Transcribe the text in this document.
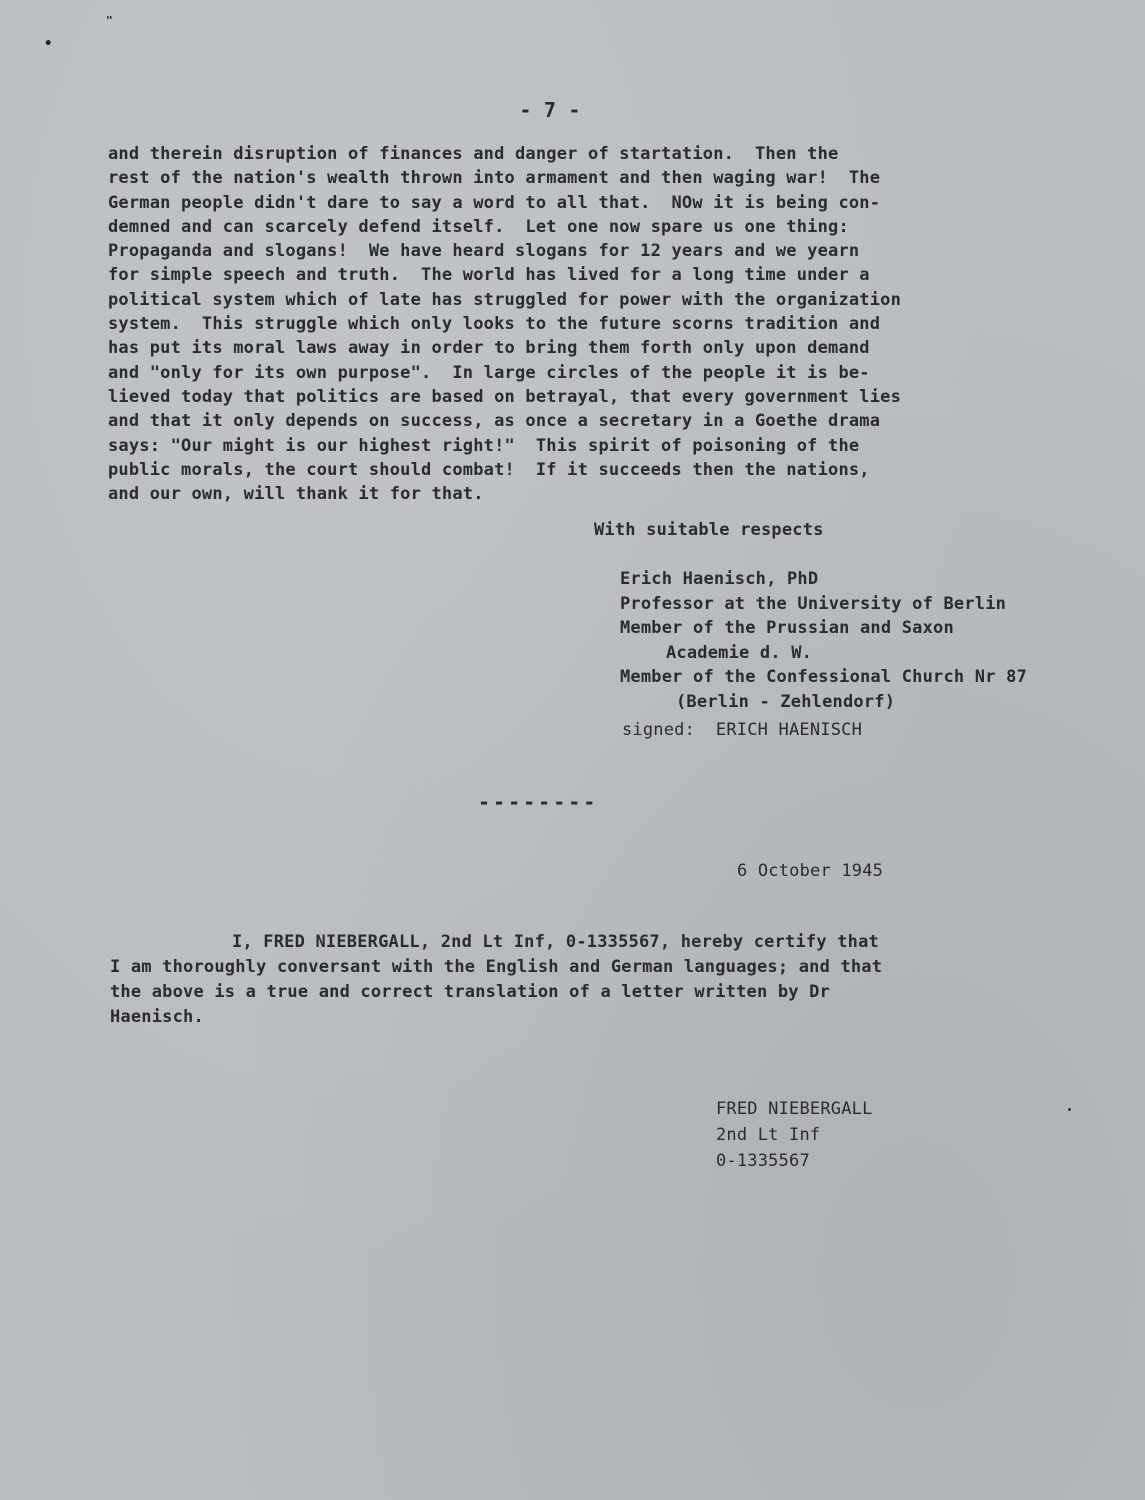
•
"
- 7 -
and therein disruption of finances and danger of startation.  Then the
rest of the nation's wealth thrown into armament and then waging war!  The
German people didn't dare to say a word to all that.  NOw it is being con-
demned and can scarcely defend itself.  Let one now spare us one thing:
Propaganda and slogans!  We have heard slogans for 12 years and we yearn
for simple speech and truth.  The world has lived for a long time under a
political system which of late has struggled for power with the organization
system.  This struggle which only looks to the future scorns tradition and
has put its moral laws away in order to bring them forth only upon demand
and "only for its own purpose".  In large circles of the people it is be-
lieved today that politics are based on betrayal, that every government lies
and that it only depends on success, as once a secretary in a Goethe drama
says: "Our might is our highest right!"  This spirit of poisoning of the
public morals, the court should combat!  If it succeeds then the nations,
and our own, will thank it for that.
With suitable respects
Erich Haenisch, PhD
Professor at the University of Berlin
Member of the Prussian and Saxon
Academie d. W.
Member of the Confessional Church Nr 87
(Berlin - Zehlendorf)
signed:  ERICH HAENISCH
--------
6 October 1945
I, FRED NIEBERGALL, 2nd Lt Inf, 0-1335567, hereby certify that
I am thoroughly conversant with the English and German languages; and that
the above is a true and correct translation of a letter written by Dr
Haenisch.
FRED NIEBERGALL
2nd Lt Inf
0-1335567
